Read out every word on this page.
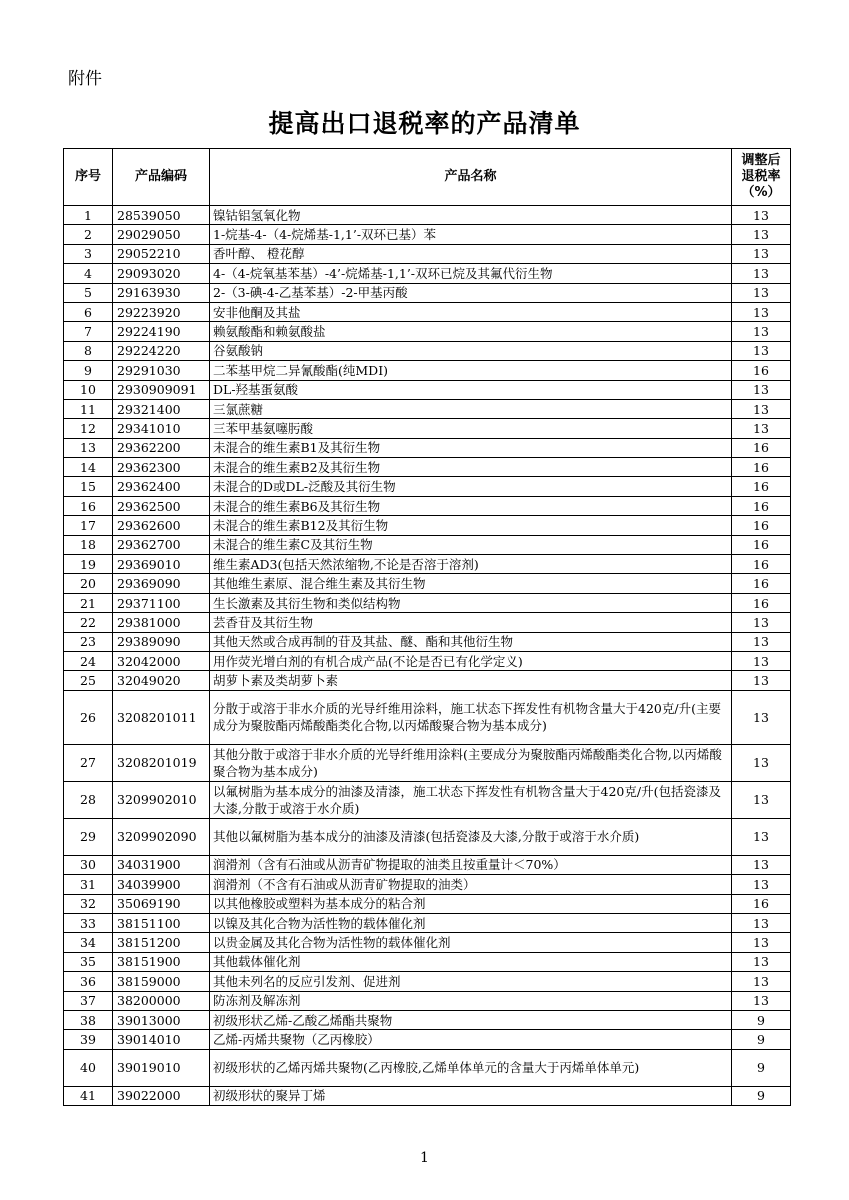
附件
提高出口退税率的产品清单
序号	产品编码	产品名称	调整后
退税率
（%）

1	28539050	镍钴铝氢氧化物	13
2	29029050	1-烷基-4-（4-烷烯基-1,1’-双环已基）苯	13
3	29052210	香叶醇、 橙花醇	13
4	29093020	4-（4-烷氧基苯基）-4’-烷烯基-1,1’-双环已烷及其氟代衍生物	13
5	29163930	2-（3-碘-4-乙基苯基）-2-甲基丙酸	13
6	29223920	安非他酮及其盐	13
7	29224190	赖氨酸酯和赖氨酸盐	13
8	29224220	谷氨酸钠	13
9	29291030	二苯基甲烷二异氰酸酯(纯MDI)	16
10	2930909091	DL-羟基蛋氨酸	13
11	29321400	三氯蔗糖	13
12	29341010	三苯甲基氨噻肟酸	13
13	29362200	未混合的维生素B1及其衍生物	16
14	29362300	未混合的维生素B2及其衍生物	16
15	29362400	未混合的D或DL-泛酸及其衍生物	16
16	29362500	未混合的维生素B6及其衍生物	16
17	29362600	未混合的维生素B12及其衍生物	16
18	29362700	未混合的维生素C及其衍生物	16
19	29369010	维生素AD3(包括天然浓缩物,不论是否溶于溶剂)	16
20	29369090	其他维生素原、混合维生素及其衍生物	16
21	29371100	生长激素及其衍生物和类似结构物	16
22	29381000	芸香苷及其衍生物	13
23	29389090	其他天然或合成再制的苷及其盐、醚、酯和其他衍生物	13
24	32042000	用作荧光增白剂的有机合成产品(不论是否已有化学定义)	13
25	32049020	胡萝卜素及类胡萝卜素	13
26	3208201011	分散于或溶于非水介质的光导纤维用涂料，施工状态下挥发性有机物含量大于420克/升(主要成分为聚胺酯丙烯酸酯类化合物,以丙烯酸聚合物为基本成分)	13
27	3208201019	其他分散于或溶于非水介质的光导纤维用涂料(主要成分为聚胺酯丙烯酸酯类化合物,以丙烯酸聚合物为基本成分)	13
28	3209902010	以氟树脂为基本成分的油漆及清漆，施工状态下挥发性有机物含量大于420克/升(包括瓷漆及大漆,分散于或溶于水介质)	13
29	3209902090	其他以氟树脂为基本成分的油漆及清漆(包括瓷漆及大漆,分散于或溶于水介质)	13
30	34031900	润滑剂（含有石油或从沥青矿物提取的油类且按重量计＜70%）	13
31	34039900	润滑剂（不含有石油或从沥青矿物提取的油类）	13
32	35069190	以其他橡胶或塑料为基本成分的粘合剂	16
33	38151100	以镍及其化合物为活性物的载体催化剂	13
34	38151200	以贵金属及其化合物为活性物的载体催化剂	13
35	38151900	其他载体催化剂	13
36	38159000	其他未列名的反应引发剂、促进剂	13
37	38200000	防冻剂及解冻剂	13
38	39013000	初级形状乙烯-乙酸乙烯酯共聚物	9
39	39014010	乙烯-丙烯共聚物（乙丙橡胶）	9
40	39019010	初级形状的乙烯丙烯共聚物(乙丙橡胶,乙烯单体单元的含量大于丙烯单体单元)	9
41	39022000	初级形状的聚异丁烯	9
1
